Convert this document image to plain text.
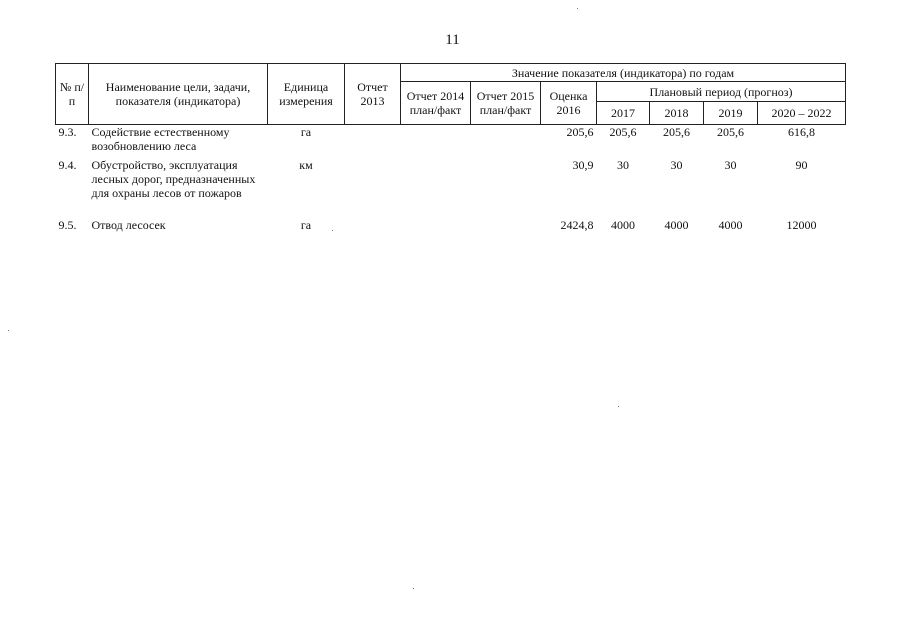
11
№ п/п	Наименование цели, задачи, показателя (индикатора)	Единица измерения	Отчет 2013	Значение показателя (индикатора) по годам						
				Отчет 2014 план/факт	Отчет 2015 план/факт	Оценка 2016	Плановый период (прогноз)			
							2017	2018	2019	2020 – 2022
9.3.	Содействие естественному возобновлению леса	га				205,6	205,6	205,6	205,6	616,8
9.4.	Обустройство, эксплуатация лесных дорог, предназначенных для охраны лесов от пожаров	км				30,9	30	30	30	90
9.5.	Отвод лесосек	га				2424,8	4000	4000	4000	12000
